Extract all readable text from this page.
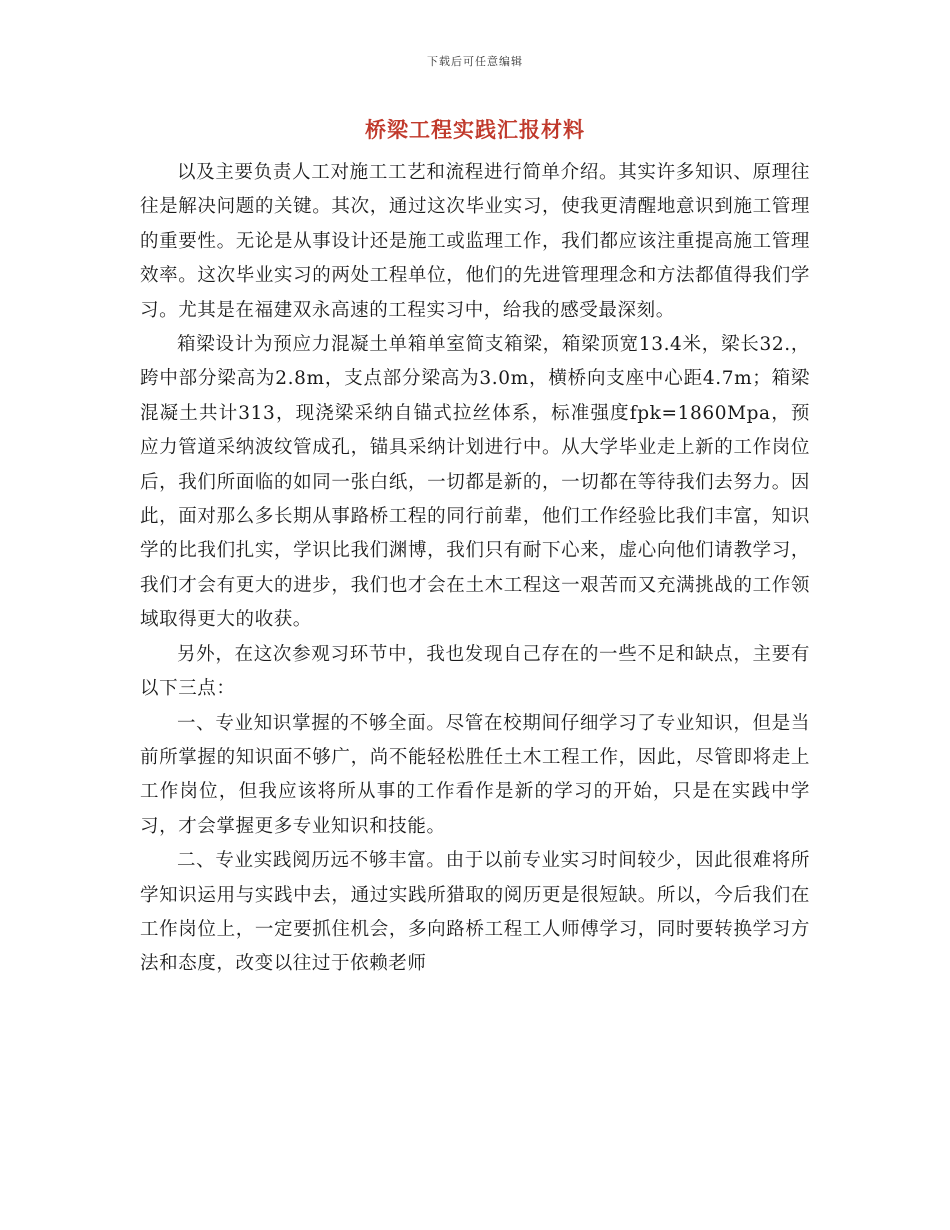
下载后可任意编辑
桥梁工程实践汇报材料

以及主要负责人工对施工工艺和流程进行简单介绍。其实许多知识、原理往往是解决问题的关键。其次，通过这次毕业实习，使我更清醒地意识到施工管理的重要性。无论是从事设计还是施工或监理工作，我们都应该注重提高施工管理效率。这次毕业实习的两处工程单位，他们的先进管理理念和方法都值得我们学习。尤其是在福建双永高速的工程实习中，给我的感受最深刻。

箱梁设计为预应力混凝土单箱单室简支箱梁，箱梁顶宽13.4米，梁长32.，跨中部分梁高为2.8m，支点部分梁高为3.0m，横桥向支座中心距4.7m；箱梁混凝土共计313，现浇梁采纳自锚式拉丝体系，标准强度fpk=1860Mpa，预应力管道采纳波纹管成孔，锚具采纳计划进行中。从大学毕业走上新的工作岗位后，我们所面临的如同一张白纸，一切都是新的，一切都在等待我们去努力。因此，面对那么多长期从事路桥工程的同行前辈，他们工作经验比我们丰富，知识学的比我们扎实，学识比我们渊博，我们只有耐下心来，虚心向他们请教学习，我们才会有更大的进步，我们也才会在土木工程这一艰苦而又充满挑战的工作领域取得更大的收获。

另外，在这次参观习环节中，我也发现自己存在的一些不足和缺点，主要有以下三点：

一、专业知识掌握的不够全面。尽管在校期间仔细学习了专业知识，但是当前所掌握的知识面不够广，尚不能轻松胜任土木工程工作，因此，尽管即将走上工作岗位，但我应该将所从事的工作看作是新的学习的开始，只是在实践中学习，才会掌握更多专业知识和技能。

二、专业实践阅历远不够丰富。由于以前专业实习时间较少，因此很难将所学知识运用与实践中去，通过实践所猎取的阅历更是很短缺。所以，今后我们在工作岗位上，一定要抓住机会，多向路桥工程工人师傅学习，同时要转换学习方法和态度，改变以往过于依赖老师
